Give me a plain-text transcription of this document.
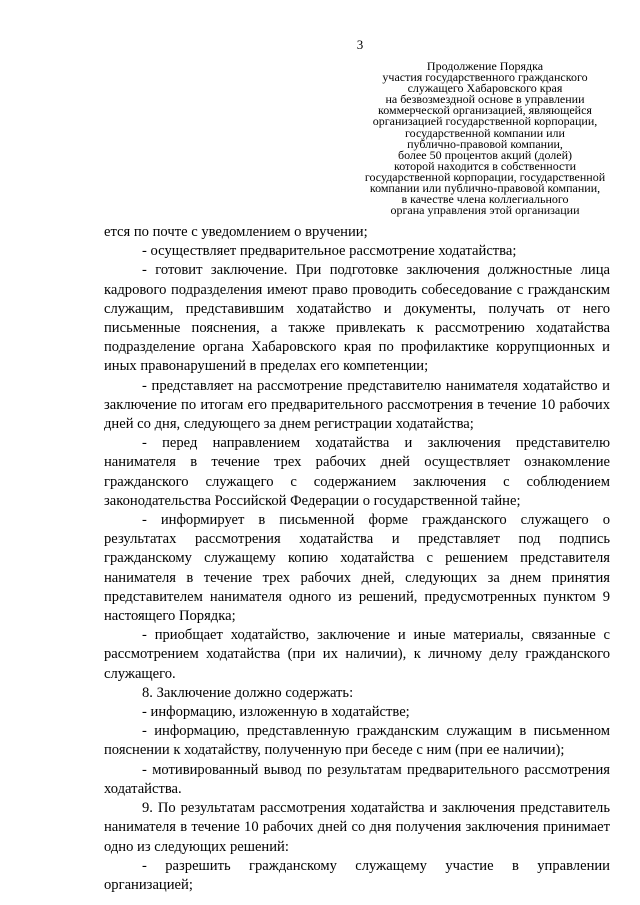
3
Продолжение Порядка
участия государственного гражданского
служащего Хабаровского края
на безвозмездной основе в управлении
коммерческой организацией, являющейся
организацией государственной корпорации,
государственной компании или
публично-правовой компании,
более 50 процентов акций (долей)
которой находится в собственности
государственной корпорации, государственной
компании или публично-правовой компании,
в качестве члена коллегиального
органа управления этой организации

ется по почте с уведомлением о вручении;

- осуществляет предварительное рассмотрение ходатайства;

- готовит заключение. При подготовке заключения должностные лица кадрового подразделения имеют право проводить собеседование с гражданским служащим, представившим ходатайство и документы, получать от него письменные пояснения, а также привлекать к рассмотрению ходатайства подразделение органа Хабаровского края по профилактике коррупционных и иных правонарушений в пределах его компетенции;

- представляет на рассмотрение представителю нанимателя ходатайство и заключение по итогам его предварительного рассмотрения в течение 10 рабочих дней со дня, следующего за днем регистрации ходатайства;

- перед направлением ходатайства и заключения представителю нанимателя в течение трех рабочих дней осуществляет ознакомление гражданского служащего с содержанием заключения с соблюдением законодательства Российской Федерации о государственной тайне;

- информирует в письменной форме гражданского служащего о результатах рассмотрения ходатайства и представляет под подпись гражданскому служащему копию ходатайства с решением представителя нанимателя в течение трех рабочих дней, следующих за днем принятия представителем нанимателя одного из решений, предусмотренных пунктом 9 настоящего Порядка;

- приобщает ходатайство, заключение и иные материалы, связанные с рассмотрением ходатайства (при их наличии), к личному делу гражданского служащего.

8. Заключение должно содержать:

- информацию, изложенную в ходатайстве;

- информацию, представленную гражданским служащим в письменном пояснении к ходатайству, полученную при беседе с ним (при ее наличии);

- мотивированный вывод по результатам предварительного рассмотрения ходатайства.

9. По результатам рассмотрения ходатайства и заключения представитель нанимателя в течение 10 рабочих дней со дня получения заключения принимает одно из следующих решений:

- разрешить гражданскому служащему участие в управлении организацией;
